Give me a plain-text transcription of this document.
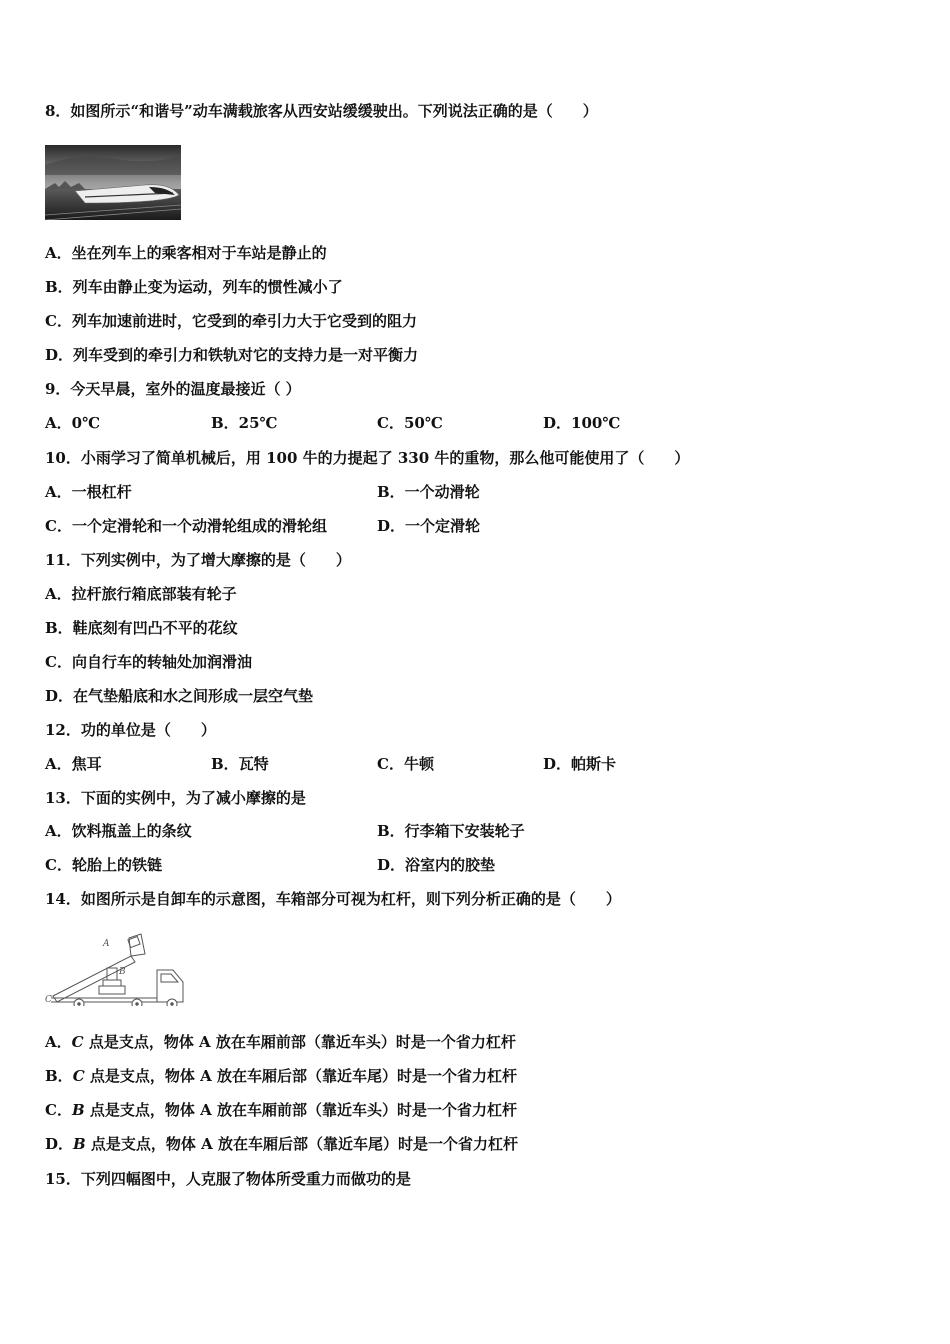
8．如图所示“和谐号”动车满载旅客从西安站缓缓驶出。下列说法正确的是（　　）
A．坐在列车上的乘客相对于车站是静止的
B．列车由静止变为运动，列车的惯性减小了
C．列车加速前进时，它受到的牵引力大于它受到的阻力
D．列车受到的牵引力和铁轨对它的支持力是一对平衡力
9．今天早晨，室外的温度最接近（ ）
A．0℃	B．25℃	C．50℃	D．100℃
10．小雨学习了简单机械后，用 100 牛的力提起了 330 牛的重物，那么他可能使用了（　　）
A．一根杠杆	B．一个动滑轮
C．一个定滑轮和一个动滑轮组成的滑轮组	D．一个定滑轮
11．下列实例中，为了增大摩擦的是（　　）
A．拉杆旅行箱底部装有轮子
B．鞋底刻有凹凸不平的花纹
C．向自行车的转轴处加润滑油
D．在气垫船底和水之间形成一层空气垫
12．功的单位是（　　）
A．焦耳	B．瓦特	C．牛顿	D．帕斯卡
13．下面的实例中，为了减小摩擦的是
A．饮料瓶盖上的条纹	B．行李箱下安装轮子
C．轮胎上的铁链	D．浴室内的胶垫
14．如图所示是自卸车的示意图，车箱部分可视为杠杆，则下列分析正确的是（　　）
A
B
C
A．C 点是支点，物体 A 放在车厢前部（靠近车头）时是一个省力杠杆
B．C 点是支点，物体 A 放在车厢后部（靠近车尾）时是一个省力杠杆
C．B 点是支点，物体 A 放在车厢前部（靠近车头）时是一个省力杠杆
D．B 点是支点，物体 A 放在车厢后部（靠近车尾）时是一个省力杠杆
15．下列四幅图中，人克服了物体所受重力而做功的是
